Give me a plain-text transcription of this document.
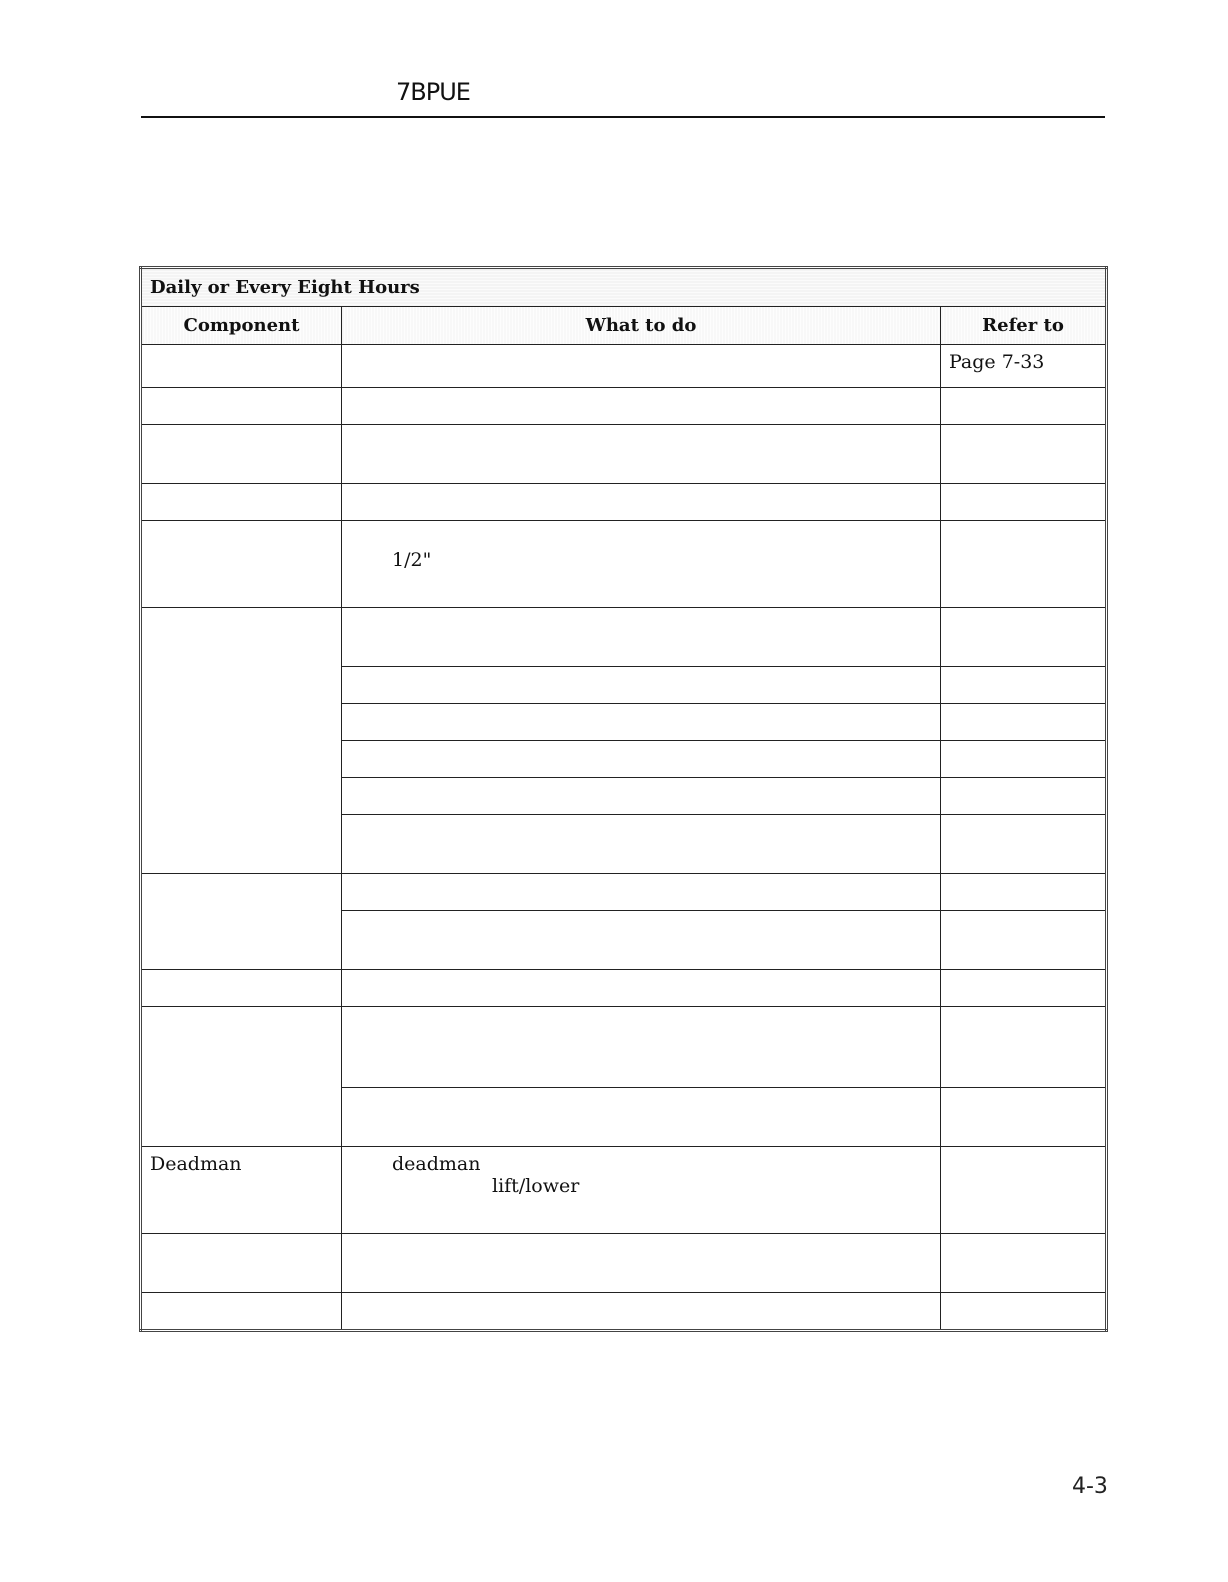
7BPUE
Daily or Every Eight Hours		
Component	What to do	Refer to
		Page 7-33

	1/2"	

Deadman	deadman
lift/lower	

4-3
